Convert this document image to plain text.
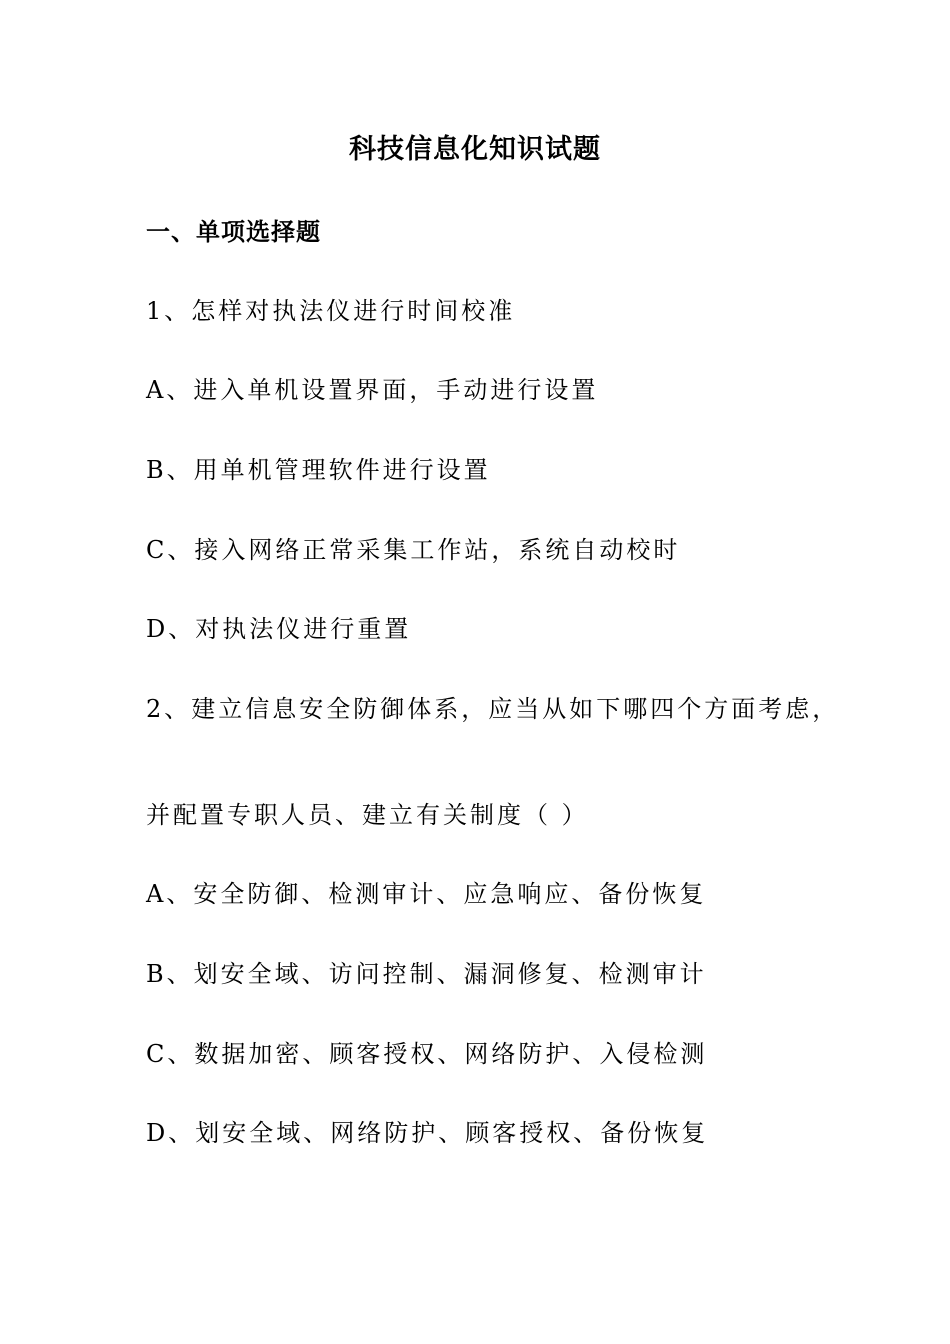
科技信息化知识试题
一、单项选择题
1、怎样对执法仪进行时间校准
A、进入单机设置界面，手动进行设置
B、用单机管理软件进行设置
C、接入网络正常采集工作站，系统自动校时
D、对执法仪进行重置
2、建立信息安全防御体系，应当从如下哪四个方面考虑，
并配置专职人员、建立有关制度（ ）
A、安全防御、检测审计、应急响应、备份恢复
B、划安全域、访问控制、漏洞修复、检测审计
C、数据加密、顾客授权、网络防护、入侵检测
D、划安全域、网络防护、顾客授权、备份恢复
